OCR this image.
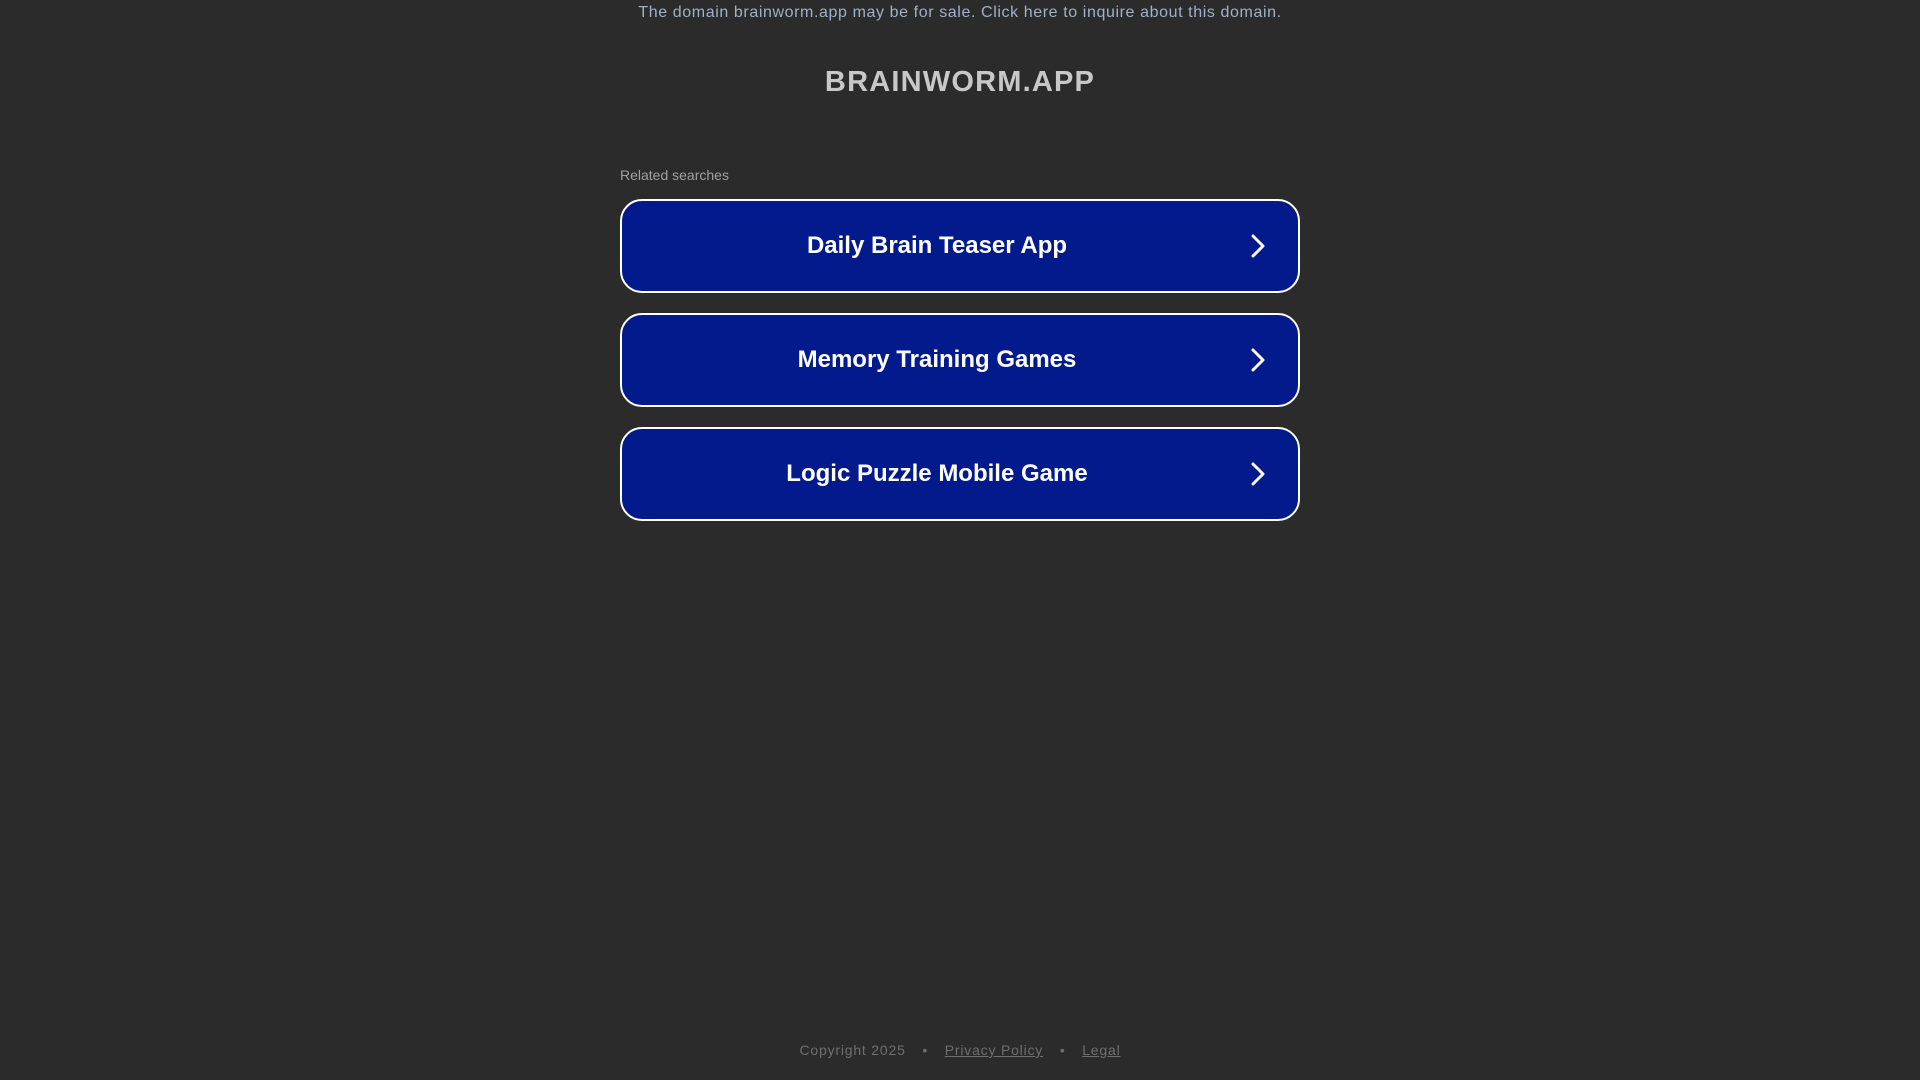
The domain brainworm.app may be for sale. Click here to inquire about this domain.
BRAINWORM.APP
Related searches
Daily Brain Teaser App
Memory Training Games
Logic Puzzle Mobile Game
Copyright 2025 • Privacy Policy • Legal
